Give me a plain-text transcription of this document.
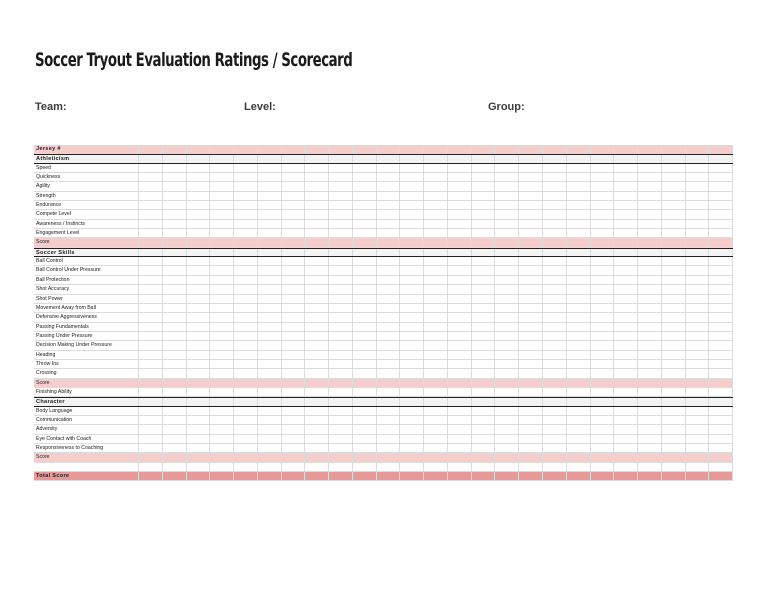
Soccer Tryout Evaluation Ratings / Scorecard
Team:	Level:	Group:
Jersey #
Athleticism
Speed
Quickness
Agility
Strength
Endurance
Compete Level
Awareness / Instincts
Engagement Level
Score
Soccer Skills
Ball Control
Ball Control Under Pressure
Ball Protection
Shot Accuracy
Shot Power
Movement Away from Ball
Defensive Aggressiveness
Passing Fundamentals
Passing Under Pressure
Decision Making Under Pressure
Heading
Throw Ins
Crossing
Score
Finishing Ability
Character
Body Language
Communication
Adversity
Eye Contact with Coach
Responsiveness to Coaching
Score
Total Score
